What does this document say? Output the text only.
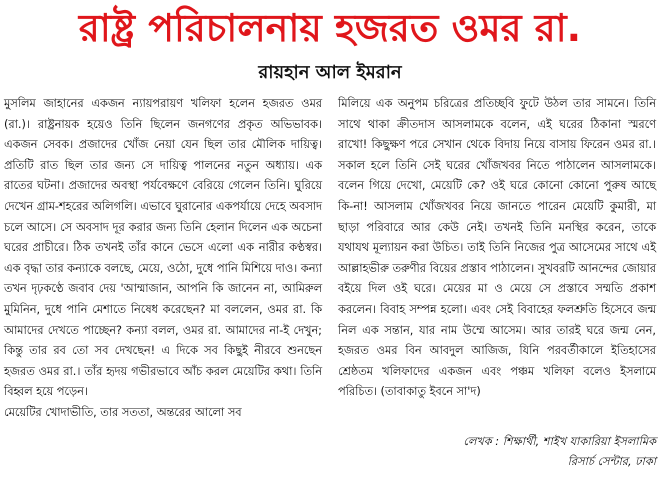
রাষ্ট্র পরিচালনায় হজরত ওমর রা.
রায়হান আল ইমরান

মুসলিম জাহানের একজন ন্যায়পরায়ণ খলিফা হলেন হজরত ওমর (রা.)। রাষ্ট্রনায়ক হয়েও তিনি ছিলেন জনগণের প্রকৃত অভিভাবক। একজন সেবক। প্রজাদের খোঁজ নেয়া যেন ছিল তার মৌলিক দায়িত্ব। প্রতিটি রাত ছিল তার জন্য সে দায়িত্ব পালনের নতুন অধ্যায়। এক রাতের ঘটনা। প্রজাদের অবস্থা পর্যবেক্ষণে বেরিয়ে গেলেন তিনি। ঘুরিয়ে দেখেন গ্রাম-শহরের অলিগলি। এভাবে ঘুরানোর একপর্যায়ে দেহে অবসাদ চলে আসে। সে অবসাদ দূর করার জন্য তিনি হেলান দিলেন এক অচেনা ঘরের প্রাচীরে। ঠিক তখনই তাঁর কানে ভেসে এলো এক নারীর কণ্ঠস্বর। এক বৃদ্ধা তার কন্যাকে বলছে, মেয়ে, ওঠো, দুধে পানি মিশিয়ে দাও। কন্যা তখন দৃঢ়কণ্ঠে জবাব দেয় 'আম্মাজান, আপনি কি জানেন না, আমিরুল মুমিনিন, দুধে পানি মেশাতে নিষেধ করেছেন? মা বললেন, ওমর রা. কি আমাদের দেখতে পাচ্ছেন? কন্যা বলল, ওমর রা. আমাদের না-ই দেখুন; কিন্তু তার রব তো সব দেখছেন! এ দিকে সব কিছুই নীরবে শুনছেন হজরত ওমর রা.। তাঁর হৃদয় গভীরভাবে আঁচ করল মেয়েটির কথা। তিনি বিহ্বল হয়ে পড়েন।

মেয়েটির খোদাভীতি, তার সততা, অন্তরের আলো সব

মিলিয়ে এক অনুপম চরিত্রের প্রতিচ্ছবি ফুটে উঠল তার সামনে। তিনি সাথে থাকা ক্রীতদাস আসলামকে বলেন, এই ঘরের ঠিকানা স্মরণে রাখো! কিছুক্ষণ পরে সেখান থেকে বিদায় নিয়ে বাসায় ফিরেন ওমর রা.। সকাল হলে তিনি সেই ঘরের খোঁজখবর নিতে পাঠালেন আসলামকে। বলেন গিয়ে দেখো, মেয়েটি কে? ওই ঘরে কোনো কোনো পুরুষ আছে কি-না! আসলাম খোঁজখবর নিয়ে জানতে পারেন মেয়েটি কুমারী, মা ছাড়া পরিবারে আর কেউ নেই। তখনই তিনি মনস্থির করেন, তাকে যথাযথ মূল্যায়ন করা উচিত। তাই তিনি নিজের পুত্র আসেমের সাথে এই আল্লাহভীরু তরুণীর বিয়ের প্রস্তাব পাঠালেন। সুখবরটি আনন্দের জোয়ার বইয়ে দিল ওই ঘরে। মেয়ের মা ও মেয়ে সে প্রস্তাবে সম্মতি প্রকাশ করলেন। বিবাহ সম্পন্ন হলো। এবং সেই বিবাহের ফলশ্রুতি হিসেবে জন্ম নিল এক সন্তান, যার নাম উম্মে আসেম। আর তারই ঘরে জন্ম নেন, হজরত ওমর বিন আবদুল আজিজ, যিনি পরবর্তীকালে ইতিহাসের শ্রেষ্ঠতম খলিফাদের একজন এবং পঞ্চম খলিফা বলেও ইসলামে পরিচিত। (তাবাকাতু ইবনে সা'দ)

লেখক : শিক্ষার্থী, শাইখ যাকারিয়া ইসলামিক
রিসার্চ সেন্টার, ঢাকা
